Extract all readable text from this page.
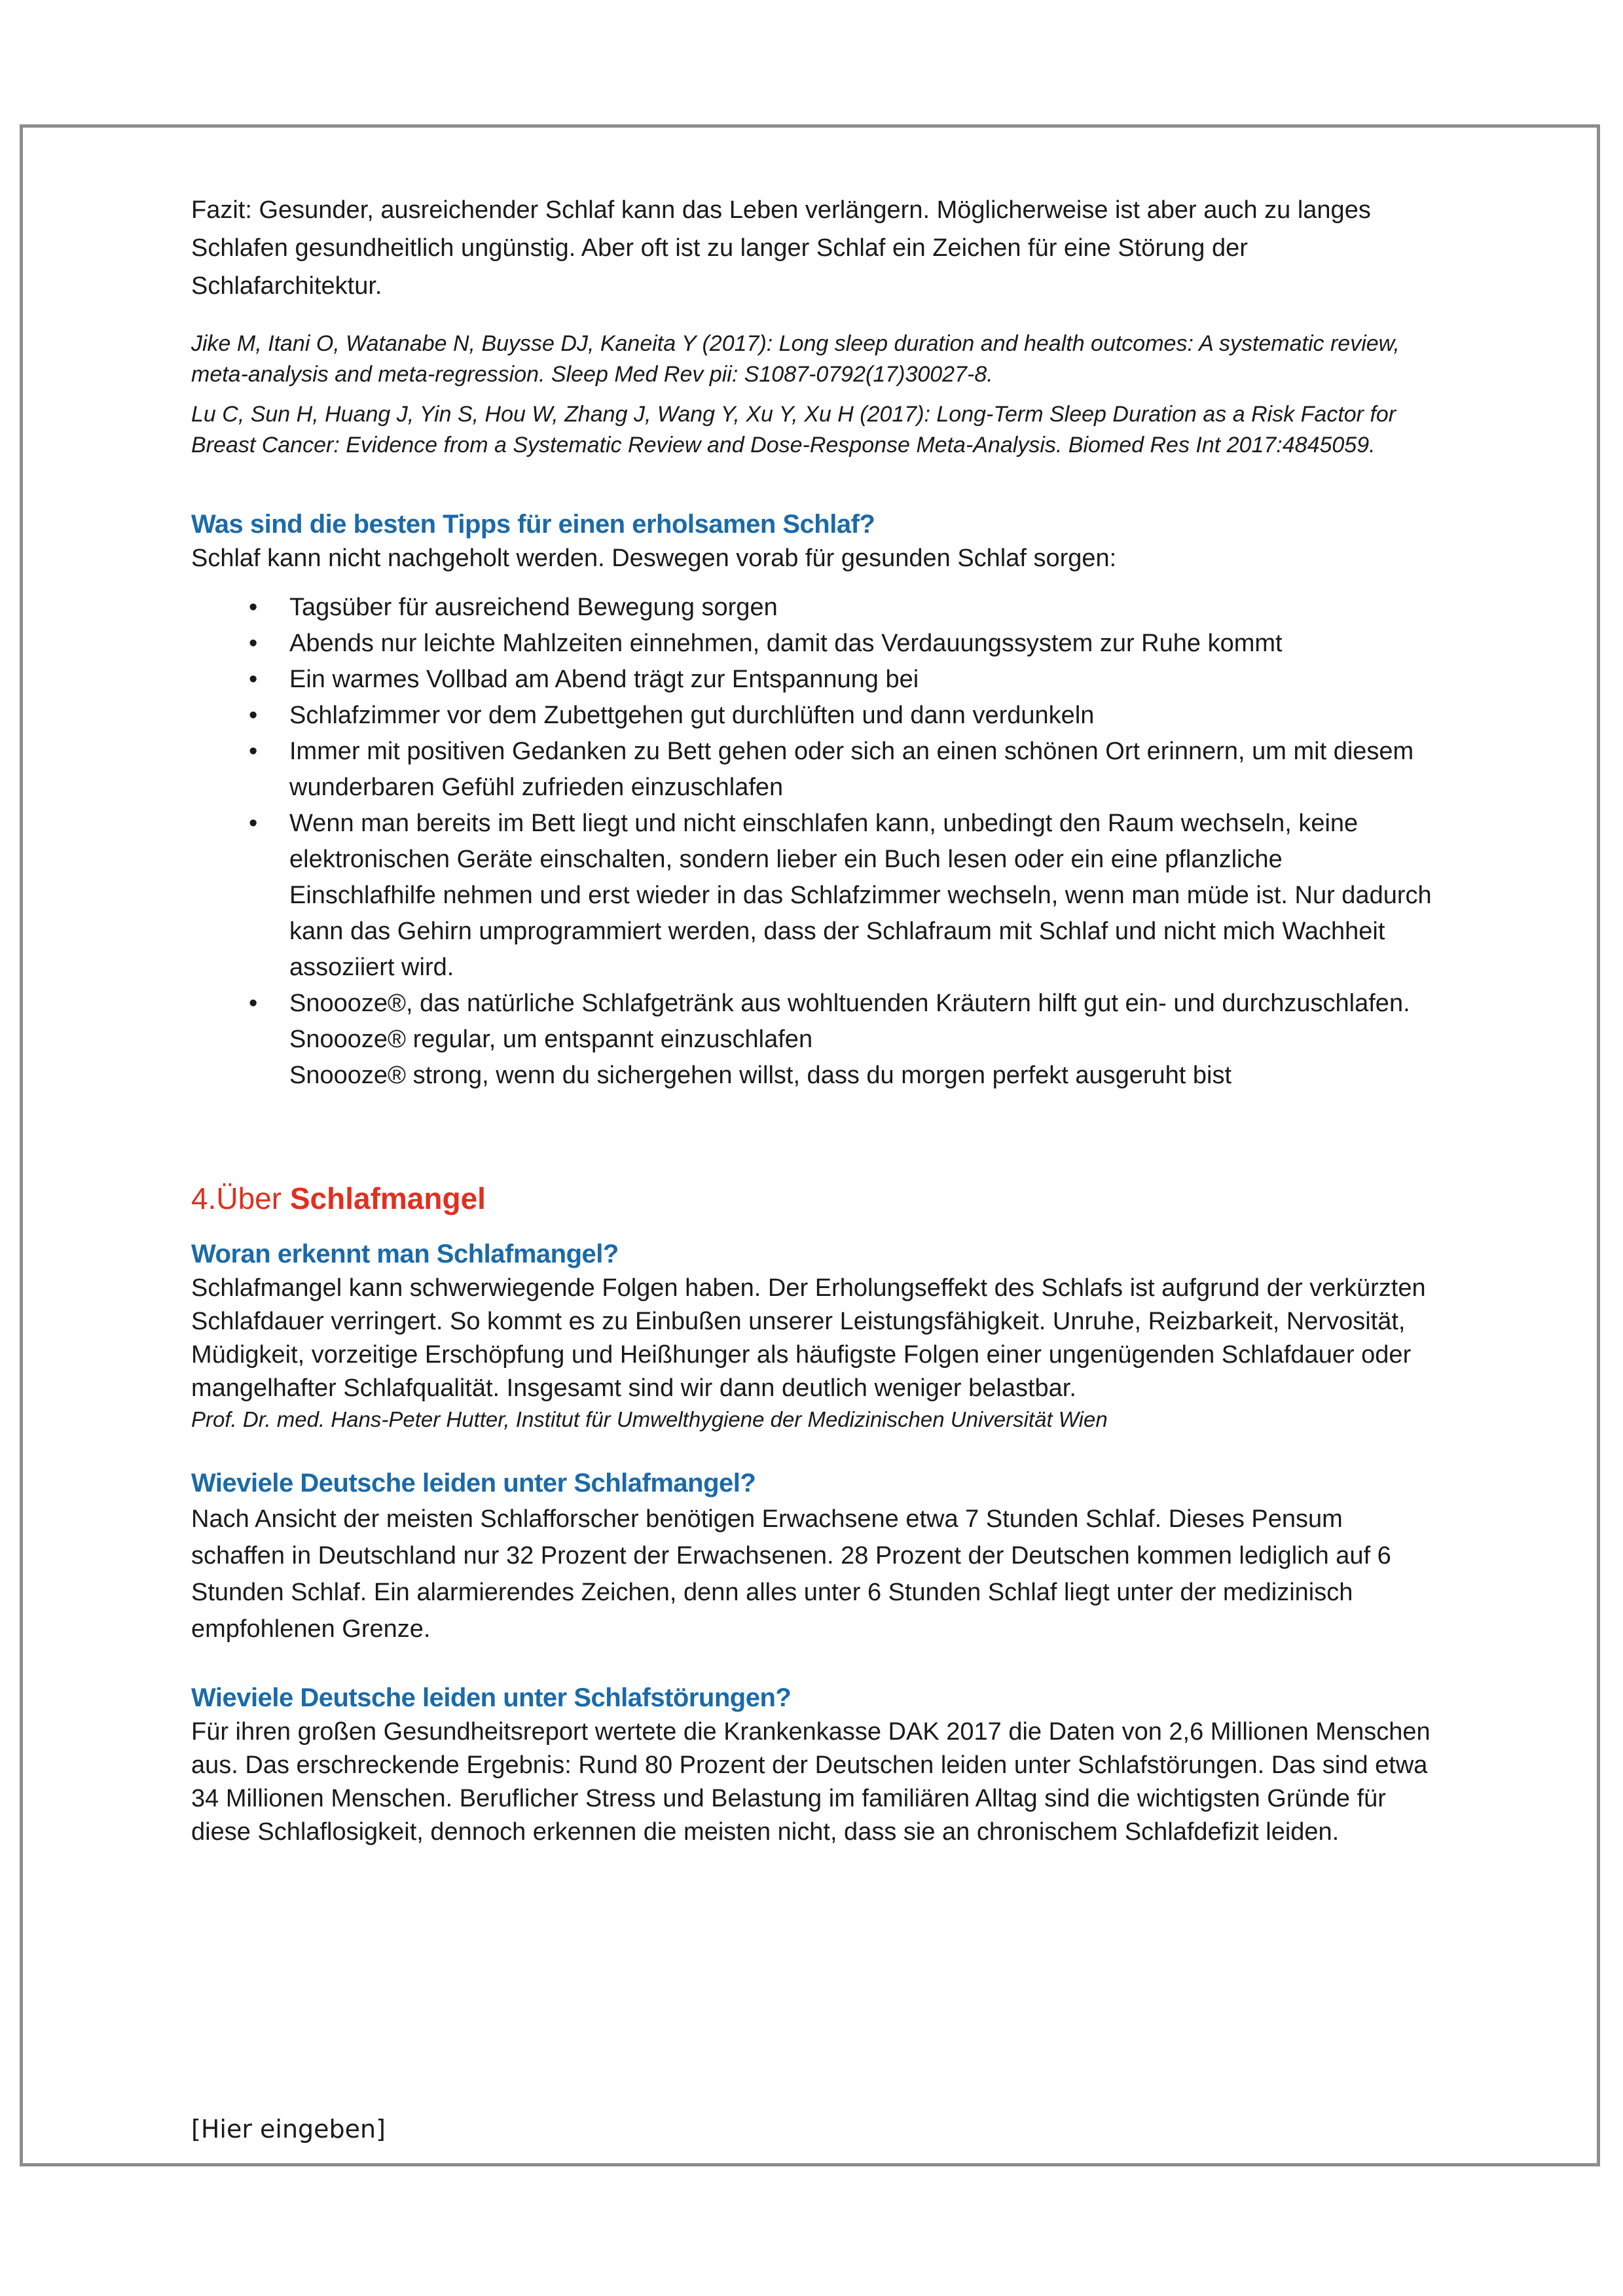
Fazit: Gesunder, ausreichender Schlaf kann das Leben verlängern. Möglicherweise ist aber auch zu langes Schlafen gesundheitlich ungünstig. Aber oft ist zu langer Schlaf ein Zeichen für eine Störung der Schlafarchitektur.

Jike M, Itani O, Watanabe N, Buysse DJ, Kaneita Y (2017): Long sleep duration and health outcomes: A systematic review, meta-analysis and meta-regression. Sleep Med Rev pii: S1087-0792(17)30027-8.

Lu C, Sun H, Huang J, Yin S, Hou W, Zhang J, Wang Y, Xu Y, Xu H (2017): Long-Term Sleep Duration as a Risk Factor for Breast Cancer: Evidence from a Systematic Review and Dose-Response Meta-Analysis. Biomed Res Int 2017:4845059.

Was sind die besten Tipps für einen erholsamen Schlaf?

Schlaf kann nicht nachgeholt werden. Deswegen vorab für gesunden Schlaf sorgen:

• Tagsüber für ausreichend Bewegung sorgen
• Abends nur leichte Mahlzeiten einnehmen, damit das Verdauungssystem zur Ruhe kommt
• Ein warmes Vollbad am Abend trägt zur Entspannung bei
• Schlafzimmer vor dem Zubettgehen gut durchlüften und dann verdunkeln
• Immer mit positiven Gedanken zu Bett gehen oder sich an einen schönen Ort erinnern, um mit diesem wunderbaren Gefühl zufrieden einzuschlafen
• Wenn man bereits im Bett liegt und nicht einschlafen kann, unbedingt den Raum wechseln, keine elektronischen Geräte einschalten, sondern lieber ein Buch lesen oder ein eine pflanzliche Einschlafhilfe nehmen und erst wieder in das Schlafzimmer wechseln, wenn man müde ist. Nur dadurch kann das Gehirn umprogrammiert werden, dass der Schlafraum mit Schlaf und nicht mich Wachheit assoziiert wird.
• Snoooze®, das natürliche Schlafgetränk aus wohltuenden Kräutern hilft gut ein- und durchzuschlafen.
Snoooze® regular, um entspannt einzuschlafen
Snoooze® strong, wenn du sichergehen willst, dass du morgen perfekt ausgeruht bist
4.Über Schlafmangel
Woran erkennt man Schlafmangel?

Schlafmangel kann schwerwiegende Folgen haben. Der Erholungseffekt des Schlafs ist aufgrund der verkürzten Schlafdauer verringert. So kommt es zu Einbußen unserer Leistungsfähigkeit. Unruhe, Reizbarkeit, Nervosität, Müdigkeit, vorzeitige Erschöpfung und Heißhunger als häufigste Folgen einer ungenügenden Schlafdauer oder mangelhafter Schlafqualität. Insgesamt sind wir dann deutlich weniger belastbar.

Prof. Dr. med. Hans-Peter Hutter, Institut für Umwelthygiene der Medizinischen Universität Wien

Wieviele Deutsche leiden unter Schlafmangel?

Nach Ansicht der meisten Schlafforscher benötigen Erwachsene etwa 7 Stunden Schlaf. Dieses Pensum schaffen in Deutschland nur 32 Prozent der Erwachsenen. 28 Prozent der Deutschen kommen lediglich auf 6 Stunden Schlaf. Ein alarmierendes Zeichen, denn alles unter 6 Stunden Schlaf liegt unter der medizinisch empfohlenen Grenze.

Wieviele Deutsche leiden unter Schlafstörungen?

Für ihren großen Gesundheitsreport wertete die Krankenkasse DAK 2017 die Daten von 2,6 Millionen Menschen aus. Das erschreckende Ergebnis: Rund 80 Prozent der Deutschen leiden unter Schlafstörungen. Das sind etwa 34 Millionen Menschen. Beruflicher Stress und Belastung im familiären Alltag sind die wichtigsten Gründe für diese Schlaflosigkeit, dennoch erkennen die meisten nicht, dass sie an chronischem Schlafdefizit leiden.

[Hier eingeben]
